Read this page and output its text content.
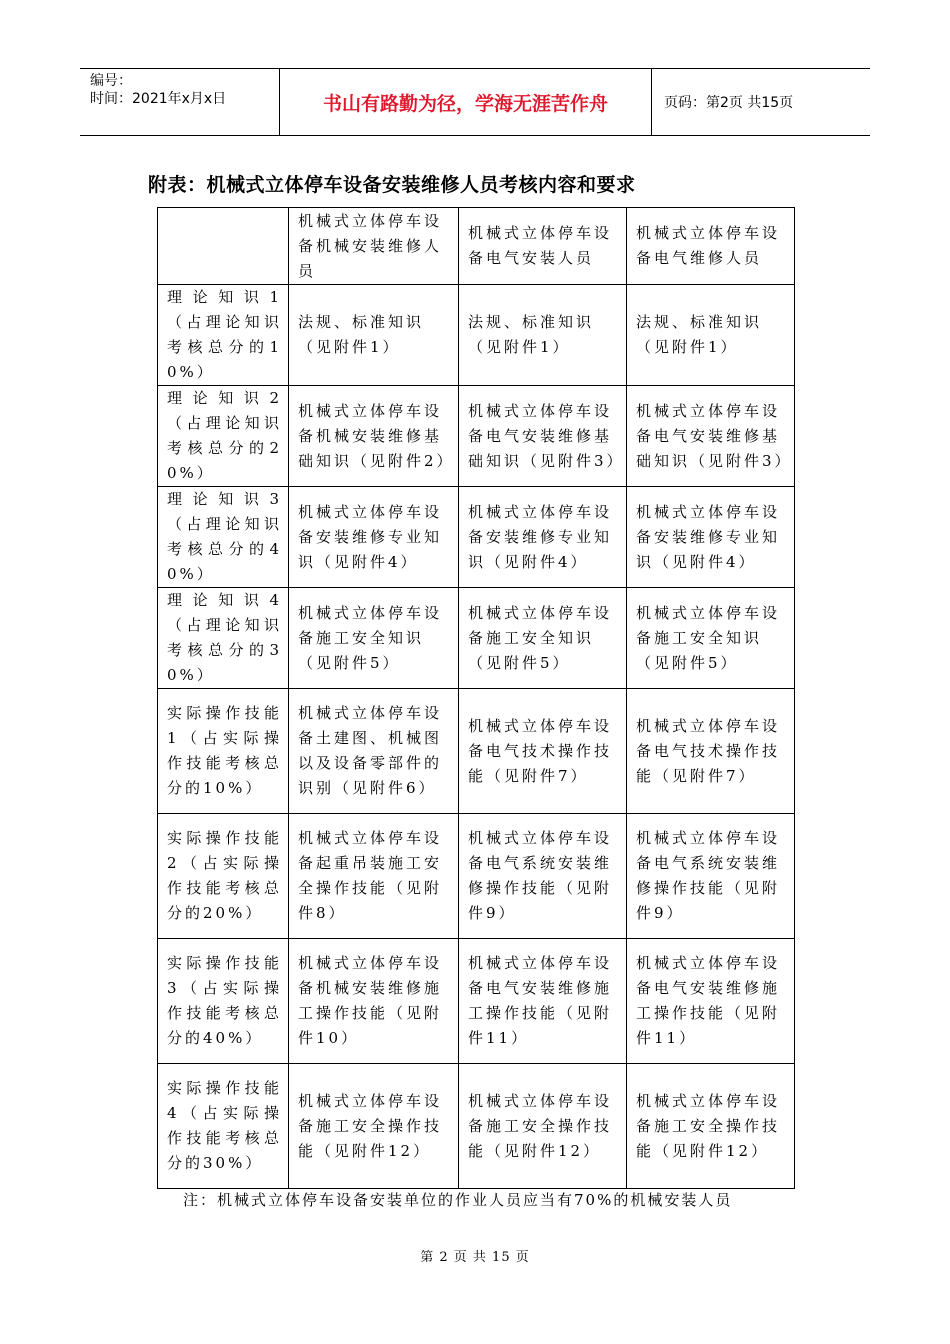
编号：
时间：2021年x月x日	书山有路勤为径，学海无涯苦作舟	页码：第2页 共15页
附表：机械式立体停车设备安装维修人员考核内容和要求
	机械式立体停车设备机械安装维修人员	机械式立体停车设备电气安装人员	机械式立体停车设备电气维修人员
理论知识1（占理论知识考核总分的10%）	法规、标准知识（见附件1）	法规、标准知识（见附件1）	法规、标准知识（见附件1）
理论知识2（占理论知识考核总分的20%）	机械式立体停车设备机械安装维修基础知识（见附件2）	机械式立体停车设备电气安装维修基础知识（见附件3）	机械式立体停车设备电气安装维修基础知识（见附件3）
理论知识3（占理论知识考核总分的40%）	机械式立体停车设备安装维修专业知识（见附件4）	机械式立体停车设备安装维修专业知识（见附件4）	机械式立体停车设备安装维修专业知识（见附件4）
理论知识4（占理论知识考核总分的30%）	机械式立体停车设备施工安全知识（见附件5）	机械式立体停车设备施工安全知识（见附件5）	机械式立体停车设备施工安全知识（见附件5）
实际操作技能1（占实际操作技能考核总分的10%）	机械式立体停车设备土建图、机械图以及设备零部件的识别（见附件6）	机械式立体停车设备电气技术操作技能（见附件7）	机械式立体停车设备电气技术操作技能（见附件7）
实际操作技能2（占实际操作技能考核总分的20%）	机械式立体停车设备起重吊装施工安全操作技能（见附件8）	机械式立体停车设备电气系统安装维修操作技能（见附件9）	机械式立体停车设备电气系统安装维修操作技能（见附件9）
实际操作技能3（占实际操作技能考核总分的40%）	机械式立体停车设备机械安装维修施工操作技能（见附件10）	机械式立体停车设备电气安装维修施工操作技能（见附件11）	机械式立体停车设备电气安装维修施工操作技能（见附件11）
实际操作技能4（占实际操作技能考核总分的30%）	机械式立体停车设备施工安全操作技能（见附件12）	机械式立体停车设备施工安全操作技能（见附件12）	机械式立体停车设备施工安全操作技能（见附件12）
注：机械式立体停车设备安装单位的作业人员应当有70%的机械安装人员
第 2 页 共 15 页
